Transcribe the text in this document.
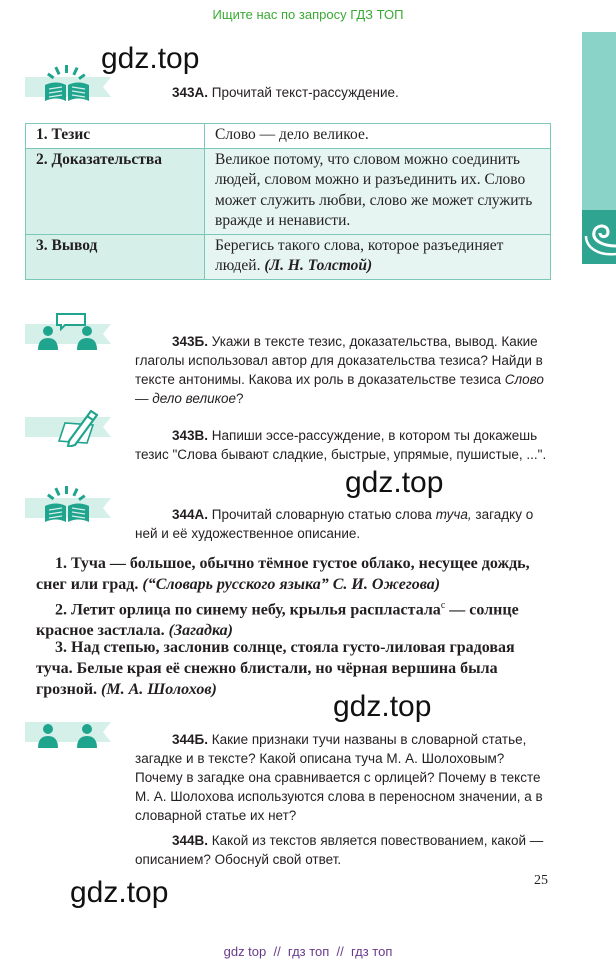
Ищите нас по запросу ГДЗ ТОП
gdz.top
gdz.top
gdz.top
gdz.top
343А. Прочитай текст-рассуждение.
1. Тезис	Слово — дело великое.
2. Доказательства	Великое потому, что словом можно соединить людей, словом можно и разъединить их. Слово может служить любви, слово же может служить вражде и ненависти.
3. Вывод	Берегись такого слова, которое разъединяет людей. (Л. Н. Толстой)
343Б. Укажи в тексте тезис, доказательства, вывод. Какие глаголы использовал автор для доказательства тезиса? Найди в тексте антонимы. Какова их роль в доказательстве тезиса Слово — дело великое?
343В. Напиши эссе-рассуждение, в котором ты докажешь тезис "Слова бывают сладкие, быстрые, упрямые, пушистые, ...".
344А. Прочитай словарную статью слова туча, загадку о ней и её художественное описание.
1. Туча — большое, обычно тёмное густое облако, несущее дождь, снег или град. (“Словарь русского языка” С. И. Ожегова)
2. Летит орлица по синему небу, крылья распластала$^с$ — солнце красное застлала. (Загадка)
3. Над степью, заслонив солнце, стояла густо-лиловая градовая туча. Белые края её снежно блистали, но чёрная вершина была грозной. (М. А. Шолохов)
344Б. Какие признаки тучи названы в словарной статье, загадке и в тексте? Какой описана туча М. А. Шолоховым? Почему в загадке она сравнивается с орлицей? Почему в тексте М. А. Шолохова используются слова в переносном значении, а в словарной статье их нет?
344В. Какой из текстов является повествованием, какой — описанием? Обоснуй свой ответ.
25
gdz top  //  гдз топ  //  гдз топ
